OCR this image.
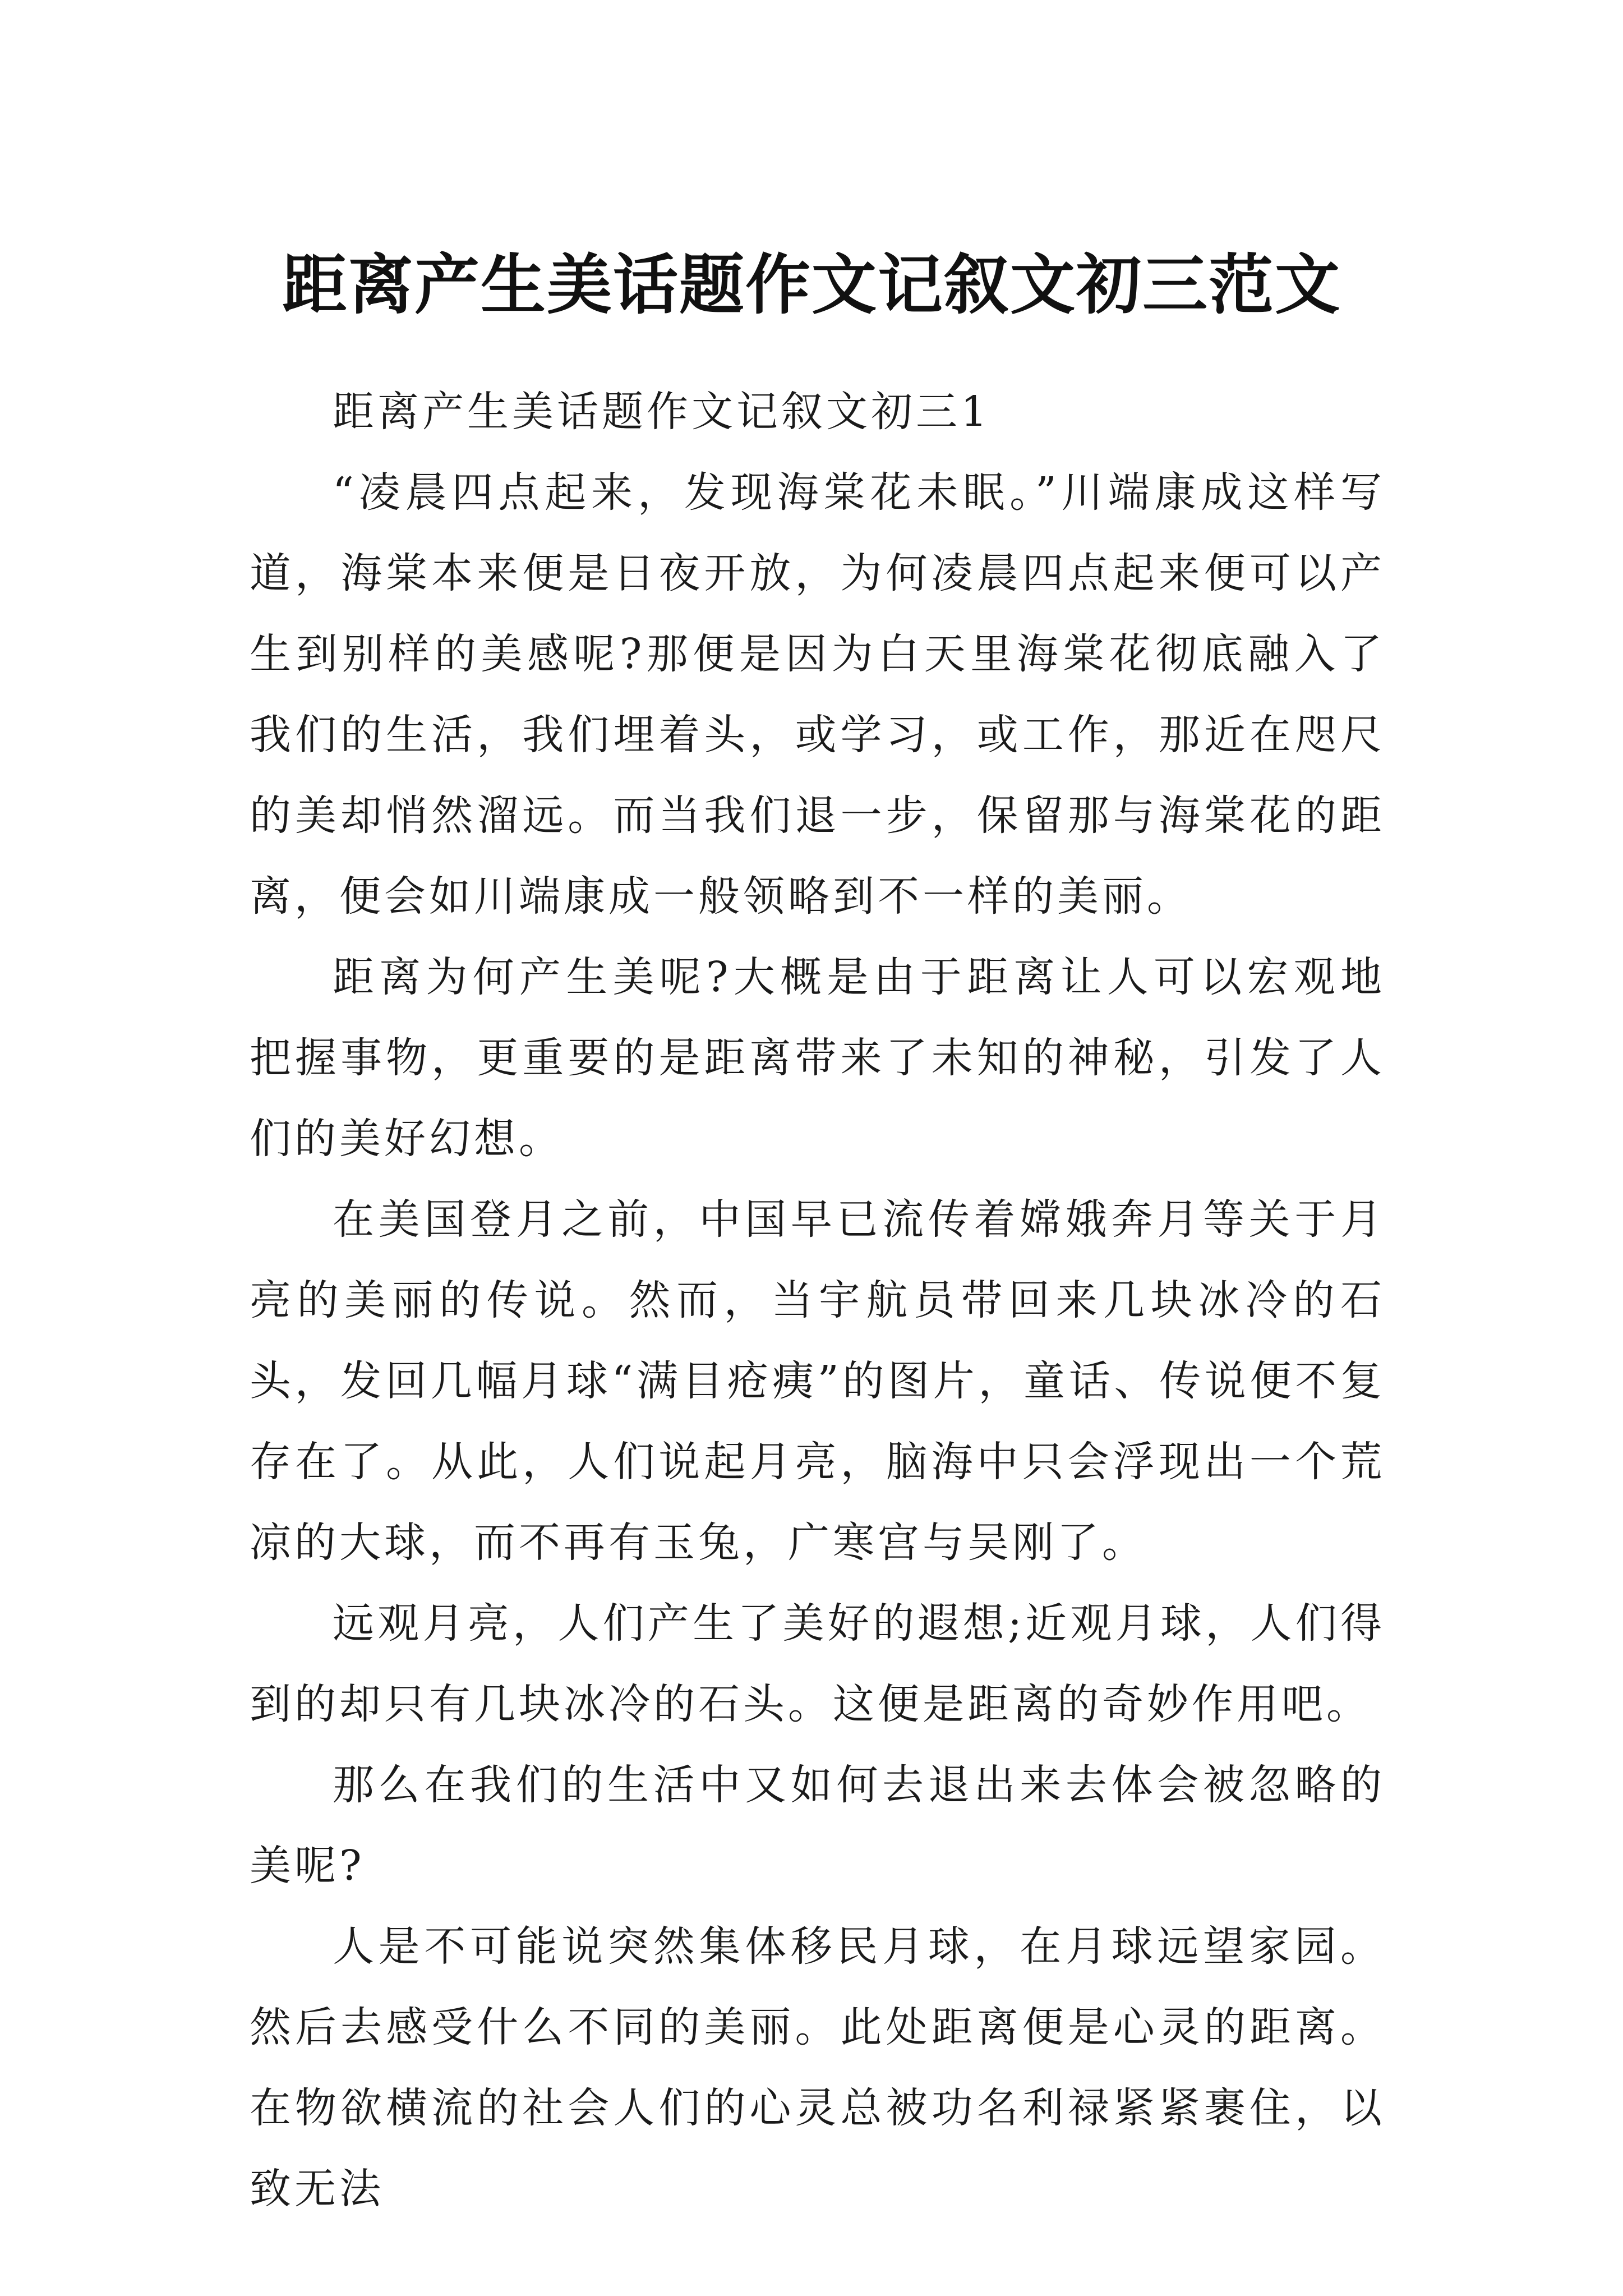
距离产生美话题作文记叙文初三范文

距离产生美话题作文记叙文初三1

“凌晨四点起来，发现海棠花未眠。”川端康成这样写道，海棠本来便是日夜开放，为何凌晨四点起来便可以产生到别样的美感呢?那便是因为白天里海棠花彻底融入了我们的生活，我们埋着头，或学习，或工作，那近在咫尺的美却悄然溜远。而当我们退一步，保留那与海棠花的距离，便会如川端康成一般领略到不一样的美丽。

距离为何产生美呢?大概是由于距离让人可以宏观地把握事物，更重要的是距离带来了未知的神秘，引发了人们的美好幻想。

在美国登月之前，中国早已流传着嫦娥奔月等关于月亮的美丽的传说。然而，当宇航员带回来几块冰冷的石头，发回几幅月球“满目疮痍”的图片，童话、传说便不复存在了。从此，人们说起月亮，脑海中只会浮现出一个荒凉的大球，而不再有玉兔，广寒宫与吴刚了。

远观月亮，人们产生了美好的遐想;近观月球，人们得到的却只有几块冰冷的石头。这便是距离的奇妙作用吧。

那么在我们的生活中又如何去退出来去体会被忽略的美呢?

人是不可能说突然集体移民月球，在月球远望家园。然后去感受什么不同的美丽。此处距离便是心灵的距离。在物欲横流的社会人们的心灵总被功名利禄紧紧裹住，以致无法
